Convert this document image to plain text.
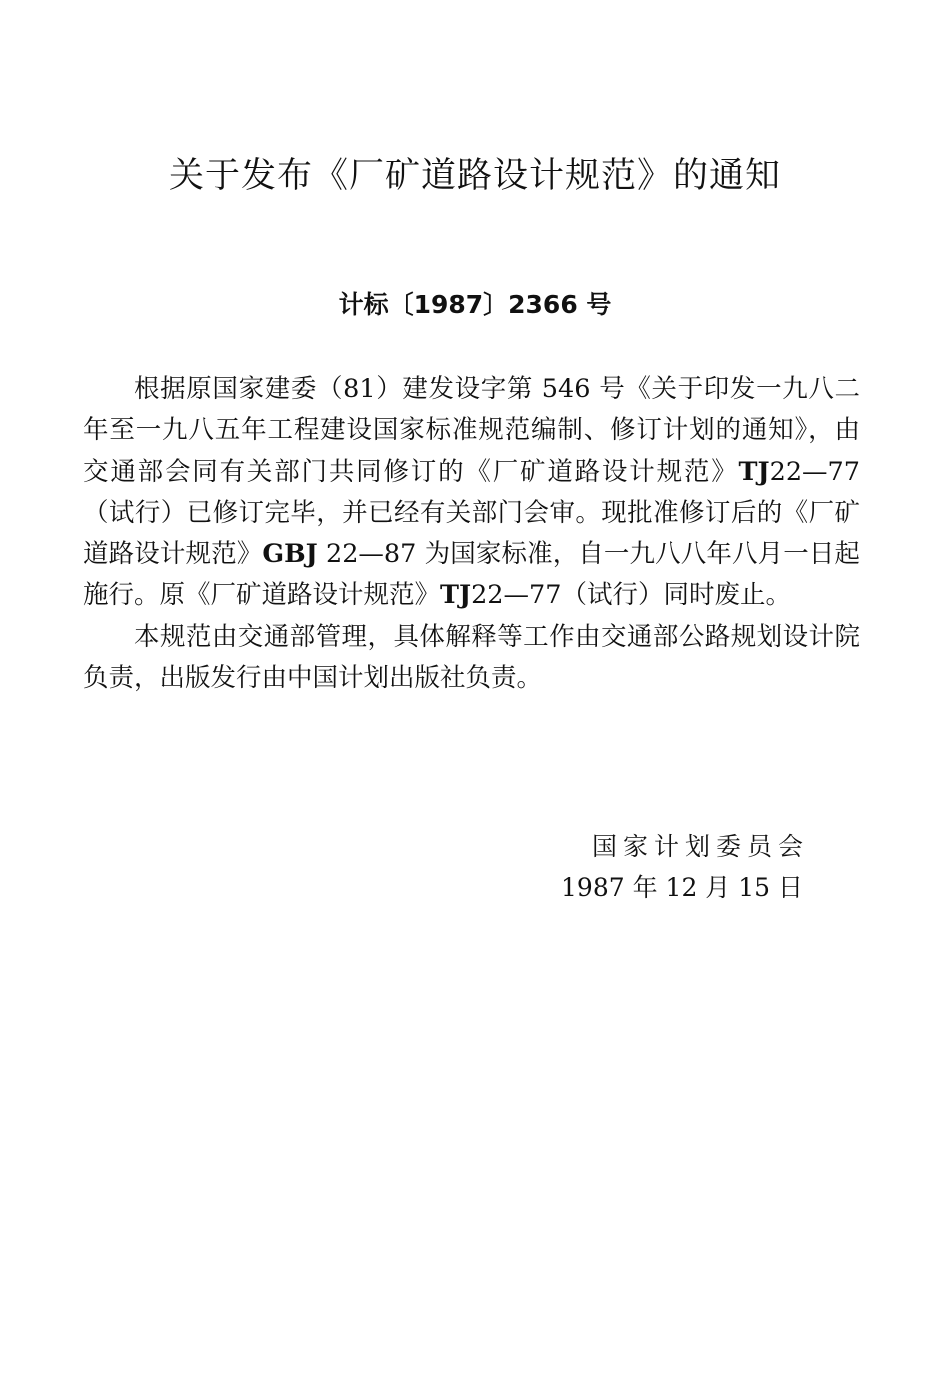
关于发布《厂矿道路设计规范》的通知
计标〔1987〕2366 号

根据原国家建委（81）建发设字第 546 号《关于印发一九八二年至一九八五年工程建设国家标准规范编制、修订计划的通知》，由交通部会同有关部门共同修订的《厂矿道路设计规范》TJ22—77（试行）已修订完毕，并已经有关部门会审。现批准修订后的《厂矿道路设计规范》GBJ 22—87 为国家标准，自一九八八年八月一日起施行。原《厂矿道路设计规范》TJ22—77（试行）同时废止。

本规范由交通部管理，具体解释等工作由交通部公路规划设计院负责，出版发行由中国计划出版社负责。

国家计划委员会
1987 年 12 月 15 日
